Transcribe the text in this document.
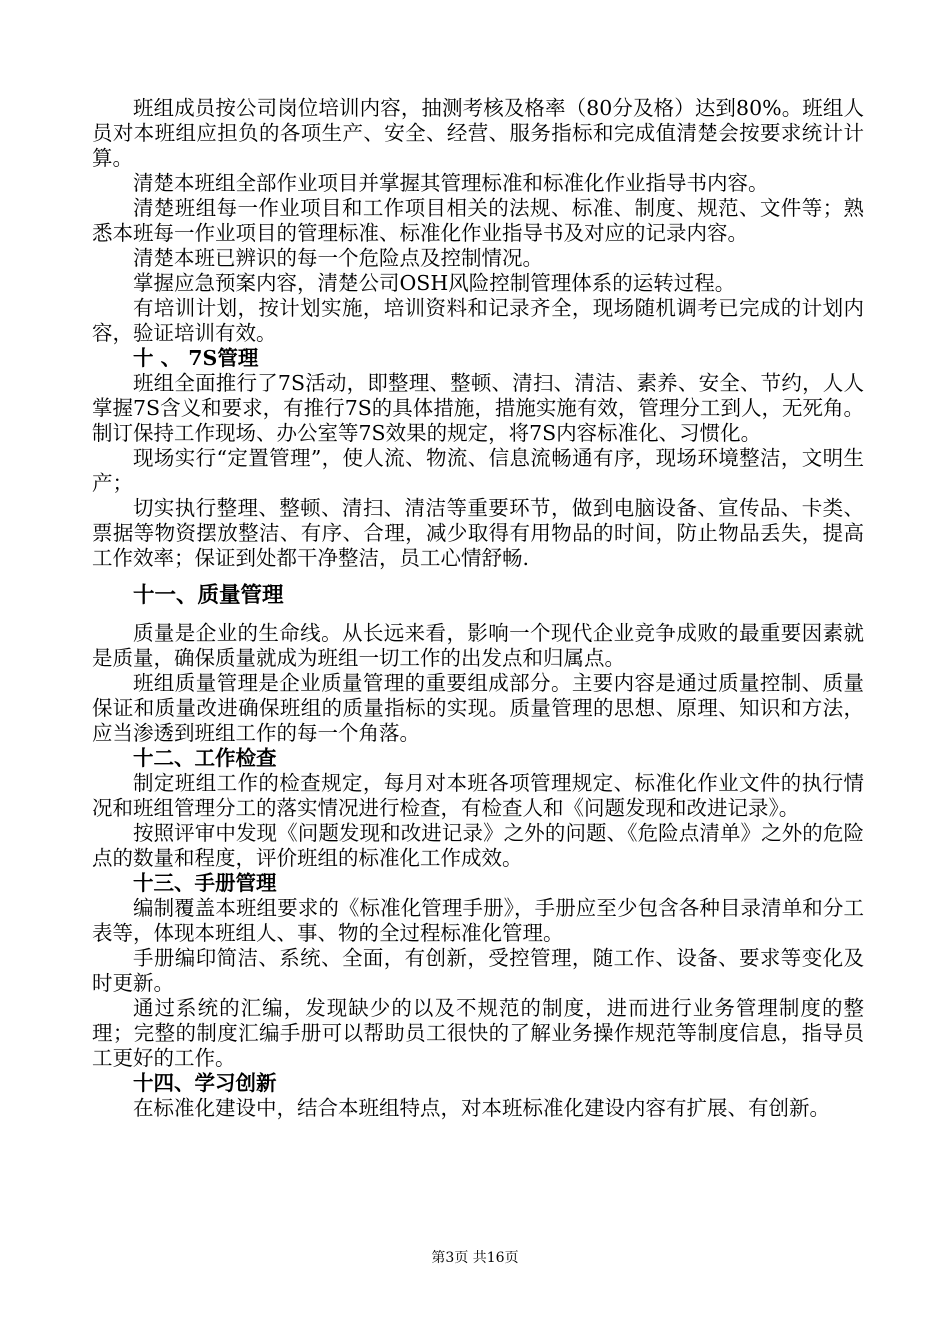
班组成员按公司岗位培训内容，抽测考核及格率（80分及格）达到80%。班组人员对本班组应担负的各项生产、安全、经营、服务指标和完成值清楚会按要求统计计算。

清楚本班组全部作业项目并掌握其管理标准和标准化作业指导书内容。

清楚班组每一作业项目和工作项目相关的法规、标准、制度、规范、文件等；熟悉本班每一作业项目的管理标准、标准化作业指导书及对应的记录内容。

清楚本班已辨识的每一个危险点及控制情况。

掌握应急预案内容，清楚公司OSH风险控制管理体系的运转过程。

有培训计划，按计划实施，培训资料和记录齐全，现场随机调考已完成的计划内容，验证培训有效。

十 、 7S管理

班组全面推行了7S活动，即整理、整顿、清扫、清洁、素养、安全、节约，人人掌握7S含义和要求，有推行7S的具体措施，措施实施有效，管理分工到人，无死角。制订保持工作现场、办公室等7S效果的规定，将7S内容标准化、习惯化。

现场实行“定置管理”，使人流、物流、信息流畅通有序，现场环境整洁，文明生产；

切实执行整理、整顿、清扫、清洁等重要环节，做到电脑设备、宣传品、卡类、票据等物资摆放整洁、有序、合理，减少取得有用物品的时间，防止物品丢失，提高工作效率；保证到处都干净整洁，员工心情舒畅.

十一、质量管理

质量是企业的生命线。从长远来看，影响一个现代企业竞争成败的最重要因素就是质量，确保质量就成为班组一切工作的出发点和归属点。

班组质量管理是企业质量管理的重要组成部分。主要内容是通过质量控制、质量保证和质量改进确保班组的质量指标的实现。质量管理的思想、原理、知识和方法，应当渗透到班组工作的每一个角落。

十二、工作检查

制定班组工作的检查规定，每月对本班各项管理规定、标准化作业文件的执行情况和班组管理分工的落实情况进行检查，有检查人和《问题发现和改进记录》。

按照评审中发现《问题发现和改进记录》之外的问题、《危险点清单》之外的危险点的数量和程度，评价班组的标准化工作成效。

十三、手册管理

编制覆盖本班组要求的《标准化管理手册》，手册应至少包含各种目录清单和分工表等，体现本班组人、事、物的全过程标准化管理。

手册编印简洁、系统、全面，有创新，受控管理，随工作、设备、要求等变化及时更新。

通过系统的汇编，发现缺少的以及不规范的制度，进而进行业务管理制度的整理；完整的制度汇编手册可以帮助员工很快的了解业务操作规范等制度信息，指导员工更好的工作。

十四、学习创新

在标准化建设中，结合本班组特点，对本班标准化建设内容有扩展、有创新。

第3页 共16页
